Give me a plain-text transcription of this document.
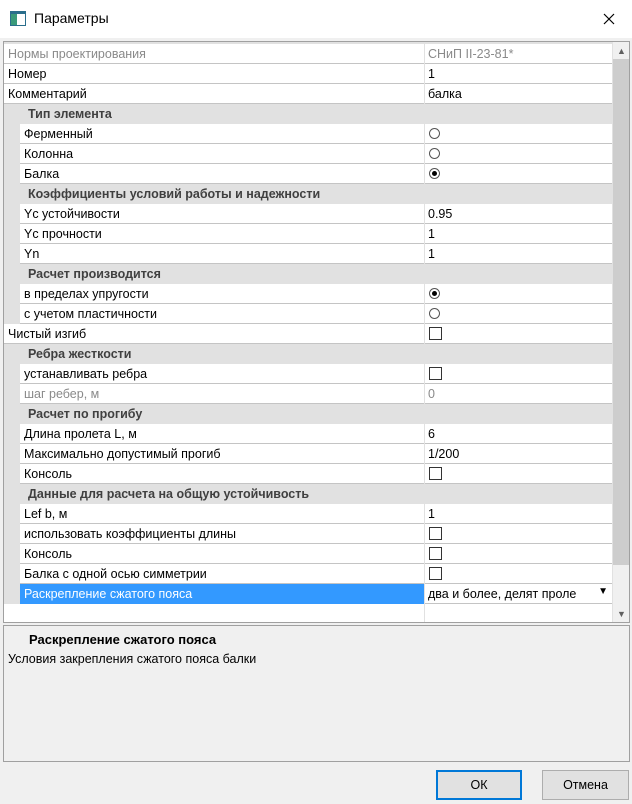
Параметры
Нормы проектирования	СНиП II-23-81*
Номер	1
Комментарий	балка
Тип элемента
Ферменный
Колонна
Балка
Коэффициенты условий работы и надежности
Yc устойчивости	0.95
Yc прочности	1
Yn	1
Расчет производится
в пределах упругости
с учетом пластичности
Чистый изгиб
Ребра жесткости
устанавливать ребра
шаг ребер, м	0
Расчет по прогибу
Длина пролета L, м	6
Максимально допустимый прогиб	1/200
Консоль
Данные для расчета на общую устойчивость
Lef b, м	1
использовать коэффициенты длины
Консоль
Балка с одной осью симметрии
Раскрепление сжатого пояса	два и более, делят проле ▼
▲
▼
Раскрепление сжатого пояса
Условия закрепления сжатого пояса балки
ОК	Отмена
